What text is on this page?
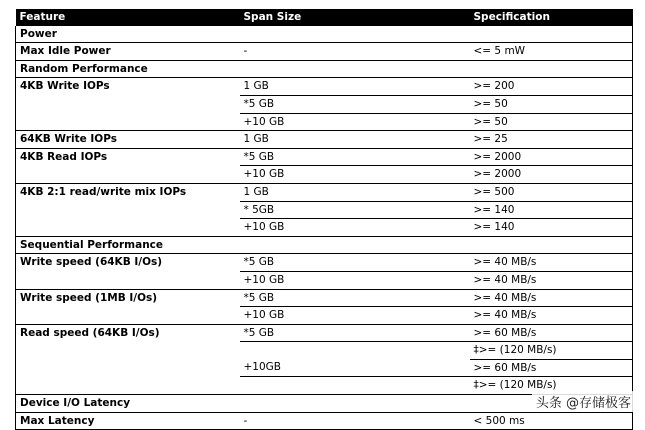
Feature	Span Size	Specification
Power		
Max Idle Power	-	<= 5 mW
Random Performance		
4KB Write IOPs	1 GB	>= 200
	*5 GB	>= 50
	+10 GB	>= 50
64KB Write IOPs	1 GB	>= 25
4KB Read IOPs	*5 GB	>= 2000
	+10 GB	>= 2000
4KB 2:1 read/write mix IOPs	1 GB	>= 500
	* 5GB	>= 140
	+10 GB	>= 140
Sequential Performance		
Write speed (64KB I/Os)	*5 GB	>= 40 MB/s
	+10 GB	>= 40 MB/s
Write speed (1MB I/Os)	*5 GB	>= 40 MB/s
	+10 GB	>= 40 MB/s
Read speed (64KB I/Os)	*5 GB	>= 60 MB/s
		‡>= (120 MB/s)
	+10GB	>= 60 MB/s
		‡>= (120 MB/s)
Device I/O Latency		
Max Latency	-	< 500 ms
头条 @存储极客
